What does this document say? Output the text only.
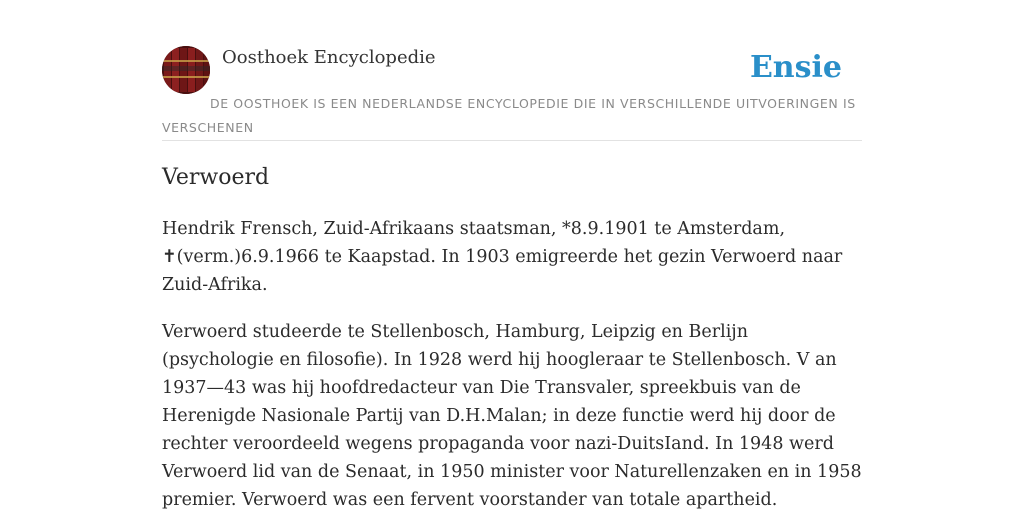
Oosthoek Encyclopedie	Ensie
DE OOSTHOEK IS EEN NEDERLANDSE ENCYCLOPEDIE DIE IN VERSCHILLENDE UITVOERINGEN IS VERSCHENEN
Verwoerd

Hendrik Frensch, Zuid-Afrikaans staatsman, *8.9.1901 te Amsterdam, ✝(verm.)6.9.1966 te Kaapstad. In 1903 emigreerde het gezin Verwoerd naar Zuid-Afrika.

Verwoerd studeerde te Stellenbosch, Hamburg, Leipzig en Berlijn (psychologie en filosofie). In 1928 werd hij hoogleraar te Stellenbosch. V an 1937—43 was hij hoofdredacteur van Die Transvaler, spreekbuis van de Herenigde Nasionale Partij van D.H.Malan; in deze functie werd hij door de rechter veroordeeld wegens propaganda voor nazi-DuitsIand. In 1948 werd Verwoerd lid van de Senaat, in 1950 minister voor Naturellenzaken en in 1958 premier. Verwoerd was een fervent voorstander van totale apartheid.
